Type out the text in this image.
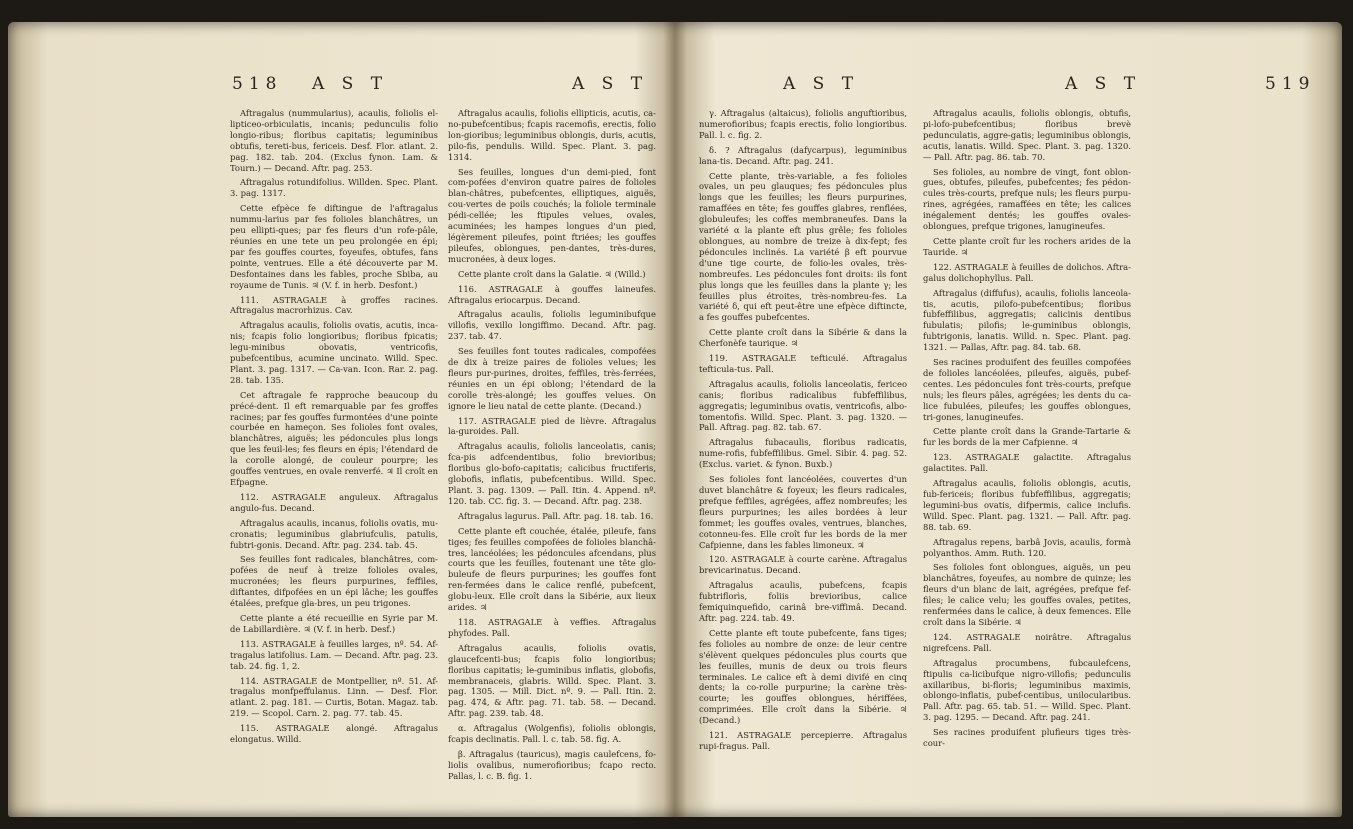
518 A S T	A S T

Aftragalus (nummularius), acaulis, foliolis el-lipticeo-orbiculatis, incanis; pedunculis folio longio-ribus; floribus capitatis; leguminibus obtufis, tereti-bus, fericeis. Desf. Flor. atlant. 2. pag. 182. tab. 204. (Exclus fynon. Lam. & Tourn.) — Decand. Aftr. pag. 253.

Aftragalus rotundifolius. Willden. Spec. Plant. 3. pag. 1317.

Cette efpèce fe diftingue de l'aftragalus nummu-larius par fes folioles blanchâtres, un peu ellipti-ques; par fes fleurs d'un rofe-pâle, réunies en une tete un peu prolongée en épi; par fes gouffes courtes, foyeufes, obtufes, fans pointe, ventrues. Elle a été découverte par M. Desfontaines dans les fables, proche Sbiba, au royaume de Tunis. ♃ (V. f. in herb. Desfont.)

111. ASTRAGALE à groffes racines. Aftragalus macrorhizus. Cav.

Aftragalus acaulis, foliolis ovatis, acutis, inca-nis; fcapis folio longioribus; floribus fpicatis; legu-minibus obovatis, ventricofis, pubefcentibus, acumine uncinato. Willd. Spec. Plant. 3. pag. 1317. — Ca-van. Icon. Rar. 2. pag. 28. tab. 135.

Cet aftragale fe rapproche beaucoup du précé-dent. Il eft remarquable par fes groffes racines; par fes gouffes furmontées d'une pointe courbée en hameçon. Ses folioles font ovales, blanchâtres, aiguës; les pédoncules plus longs que les feuil-les; fes fleurs en épis; l'étendard de la corolle alongé, de couleur pourpre; les gouffes ventrues, en ovale renverfé. ♃ Il croît en Efpagne.

112. ASTRAGALE anguleux. Aftragalus angulo-fus. Decand.

Aftragalus acaulis, incanus, foliolis ovatis, mu-cronatis; leguminibus glabriufculis, patulis, fubtri-gonis. Decand. Aftr. pag. 234. tab. 45.

Ses feuilles font radicales, blanchâtres, com-pofées de neuf à treize folioles ovales, mucronées; les fleurs purpurines, feffiles, diftantes, difpofées en un épi lâche; les gouffes étalées, prefque gla-bres, un peu trigones.

Cette plante a été recueillie en Syrie par M. de Labillardière. ♃ (V. f. in herb. Desf.)

113. ASTRAGALE à feuilles larges, nº. 54. Af-tragalus latifolius. Lam. — Decand. Aftr. pag. 23. tab. 24. fig. 1, 2.

114. ASTRAGALE de Montpellier, nº. 51. Af-tragalus monfpeffulanus. Linn. — Desf. Flor. atlant. 2. pag. 181. — Curtis, Botan. Magaz. tab. 219. — Scopol. Carn. 2. pag. 77. tab. 45.

115. ASTRAGALE alongé. Aftragalus elongatus. Willd.

Aftragalus acaulis, foliolis ellipticis, acutis, ca-no-pubefcentibus; fcapis racemofis, erectis, folio lon-gioribus; leguminibus oblongis, duris, acutis, pilo-fis, pendulis. Willd. Spec. Plant. 3. pag. 1314.

Ses feuilles, longues d'un demi-pied, font com-pofées d'environ quatre paires de folioles blan-châtres, pubefcentes, elliptiques, aiguës, cou-vertes de poils couchés; la foliole terminale pédi-cellée; les ftipules velues, ovales, acuminées; les hampes longues d'un pied, légèrement pileufes, point ftriées; les gouffes pileufes, oblongues, pen-dantes, très-dures, mucronées, à deux loges.

Cette plante croît dans la Galatie. ♃ (Willd.)

116. ASTRAGALE à gouffes laineufes. Aftragalus eriocarpus. Decand.

Aftragalus acaulis, foliolis leguminibufque villofis, vexillo longiffimo. Decand. Aftr. pag. 237. tab. 47.

Ses feuilles font toutes radicales, compofées de dix à treize paires de folioles velues; les fleurs pur-purines, droites, feffiles, très-ferrées, réunies en un épi oblong; l'étendard de la corolle très-alongé; les gouffes velues. On ignore le lieu natal de cette plante. (Decand.)

117. ASTRAGALE pied de lièvre. Aftragalus la-guroides. Pall.

Aftragalus acaulis, foliolis lanceolatis, canis; fca-pis adfcendentibus, folio brevioribus; floribus glo-bofo-capitatis; calicibus fructiferis, globofis, inflatis, pubefcentibus. Willd. Spec. Plant. 3. pag. 1309. — Pall. Itin. 4. Append. nº. 120. tab. CC. fig. 3. — Decand. Aftr. pag. 238.

Aftragalus lagurus. Pall. Aftr. pag. 18. tab. 16.

Cette plante eft couchée, étalée, pileufe, fans tiges; fes feuilles compofées de folioles blanchâ-tres, lancéolées; les pédoncules afcendans, plus courts que les feuilles, foutenant une tête glo-buleufe de fleurs purpurines; les gouffes font ren-fermées dans le calice renflé, pubefcent, globu-leux. Elle croît dans la Sibérie, aux lieux arides. ♃

118. ASTRAGALE à veffies. Aftragalus phyfodes. Pall.

Aftragalus acaulis, foliolis ovatis, glaucefcenti-bus; fcapis folio longioribus; floribus capitatis; le-guminibus inflatis, globofis, membranaceis, glabris. Willd. Spec. Plant. 3. pag. 1305. — Mill. Dict. nº. 9. — Pall. Itin. 2. pag. 474, & Aftr. pag. 71. tab. 58. — Decand. Aftr. pag. 239. tab. 48.

α. Aftragalus (Wolgenfis), foliolis oblongis, fcapis declinatis. Pall. l. c. tab. 58. fig. A.

β. Aftragalus (tauricus), magis caulefcens, fo-liolis ovalibus, numerofioribus; fcapo recto. Pallas, l. c. B. fig. 1.

A S T	A S T	519

γ. Aftragalus (altaicus), foliolis anguftioribus, numerofioribus; fcapis erectis, folio longioribus. Pall. l. c. fig. 2.

δ. ? Aftragalus (dafycarpus), leguminibus lana-tis. Decand. Aftr. pag. 241.

Cette plante, très-variable, a fes folioles ovales, un peu glauques; fes pédoncules plus longs que les feuilles; les fleurs purpurines, ramaffées en tête; fes gouffes glabres, renflées, globuleufes; les coffes membraneufes. Dans la variété α la plante eft plus grêle; fes folioles oblongues, au nombre de treize à dix-fept; fes pédoncules inclinés. La variété β eft pourvue d'une tige courte, de folio-les ovales, très-nombreufes. Les pédoncules font droits: ils font plus longs que les feuilles dans la plante γ; les feuilles plus étroites, très-nombreu-fes. La variété δ, qui eft peut-être une efpèce diftincte, a fes gouffes pubefcentes.

Cette plante croît dans la Sibérie & dans la Cherfonèfe taurique. ♃

119. ASTRAGALE tefticulé. Aftragalus tefticula-tus. Pall.

Aftragalus acaulis, foliolis lanceolatis, fericeo canis; floribus radicalibus fubfeffilibus, aggregatis; leguminibus ovatis, ventricofis, albo-tomentofis. Willd. Spec. Plant. 3. pag. 1320. — Pall. Aftrag. pag. 82. tab. 67.

Aftragalus fubacaulis, floribus radicatis, nume-rofis, fubfeffilibus. Gmel. Sibir. 4. pag. 52. (Exclus. variet. & fynon. Buxb.)

Ses folioles font lancéolées, couvertes d'un duvet blanchâtre & foyeux; les fleurs radicales, prefque feffiles, agrégées, affez nombreufes; les fleurs purpurines; les ailes bordées à leur fommet; les gouffes ovales, ventrues, blanches, cotonneu-fes. Elle croît fur les bords de la mer Cafpienne, dans les fables limoneux. ♃

120. ASTRAGALE à courte carène. Aftragalus brevicarinatus. Decand.

Aftragalus acaulis, pubefcens, fcapis fubtriflorìs, foliis brevioribus, calice femiquinquefido, carinâ bre-viffimâ. Decand. Aftr. pag. 224. tab. 49.

Cette plante eft toute pubefcente, fans tiges; fes folioles au nombre de onze: de leur centre s'élèvent quelques pédoncules plus courts que les feuilles, munis de deux ou trois fleurs terminales. Le calice eft à demi divifé en cinq dents; la co-rolle purpurine; la carène très-courte; les gouffes oblongues, hériffées, comprimées. Elle croît dans la Sibérie. ♃ (Decand.)

121. ASTRAGALE percepierre. Aftragalus rupi-fragus. Pall.

Aftragalus acaulis, foliolis oblongis, obtufis, pi-lofo-pubefcentibus; floribus brevè pedunculatis, aggre-gatis; leguminibus oblongis, acutis, lanatis. Willd. Spec. Plant. 3. pag. 1320. — Pall. Aftr. pag. 86. tab. 70.

Ses folioles, au nombre de vingt, font oblon-gues, obtufes, pileufes, pubefcentes; fes pédon-cules très-courts, prefque nuls; les fleurs purpu-rines, agrégées, ramaffées en tête; les calices inégalement dentés; les gouffes ovales-oblongues, prefque trigones, lanugineufes.

Cette plante croît fur les rochers arides de la Tauride. ♃

122. ASTRAGALE à feuilles de dolichos. Aftra-galus dolichophyllus. Pall.

Aftragalus (diffufus), acaulis, foliolis lanceola-tis, acutis, pilofo-pubefcentibus; floribus fubfeffilibus, aggregatis; calicinis dentibus fubulatis; pilofis; le-guminibus oblongis, fubtrigonis, lanatis. Willd. n. Spec. Plant. pag. 1321. — Pallas, Aftr. pag. 84. tab. 68.

Ses racines produifent des feuilles compofées de folioles lancéolées, pileufes, aiguës, pubef-centes. Les pédoncules font très-courts, prefque nuls; les fleurs pâles, agrégées; les dents du ca-lice fubulées, pileufes; les gouffes oblongues, tri-gones, lanugineufes.

Cette plante croît dans la Grande-Tartarie & fur les bords de la mer Cafpienne. ♃

123. ASTRAGALE galactite. Aftragalus galactites. Pall.

Aftragalus acaulis, foliolis oblongis, acutis, fub-fericeis; floribus fubfeffilibus, aggregatis; legumini-bus ovatis, difpermis, calice inclufis. Willd. Spec. Plant. pag. 1321. — Pall. Aftr. pag. 88. tab. 69.

Aftragalus repens, barbâ Jovis, acaulis, formà polyanthos. Amm. Ruth. 120.

Ses folioles font oblongues, aiguës, un peu blanchâtres, foyeufes, au nombre de quinze; les fleurs d'un blanc de lait, agrégées, prefque fef-files; le calice velu; les gouffes ovales, petites, renfermées dans le calice, à deux femences. Elle croît dans la Sibérie. ♃

124. ASTRAGALE noirâtre. Aftragalus nigrefcens. Pall.

Aftragalus procumbens, fubcaulefcens, ftipulis ca-licibufque nigro-villofis; pedunculis axillaribus, bi-floris; leguminibus maximis, oblongo-inflatis, pubef-centibus, unilocularibus. Pall. Aftr. pag. 65. tab. 51. — Willd. Spec. Plant. 3. pag. 1295. — Decand. Aftr. pag. 241.

Ses racines produifent plufieurs tiges très-cour-
